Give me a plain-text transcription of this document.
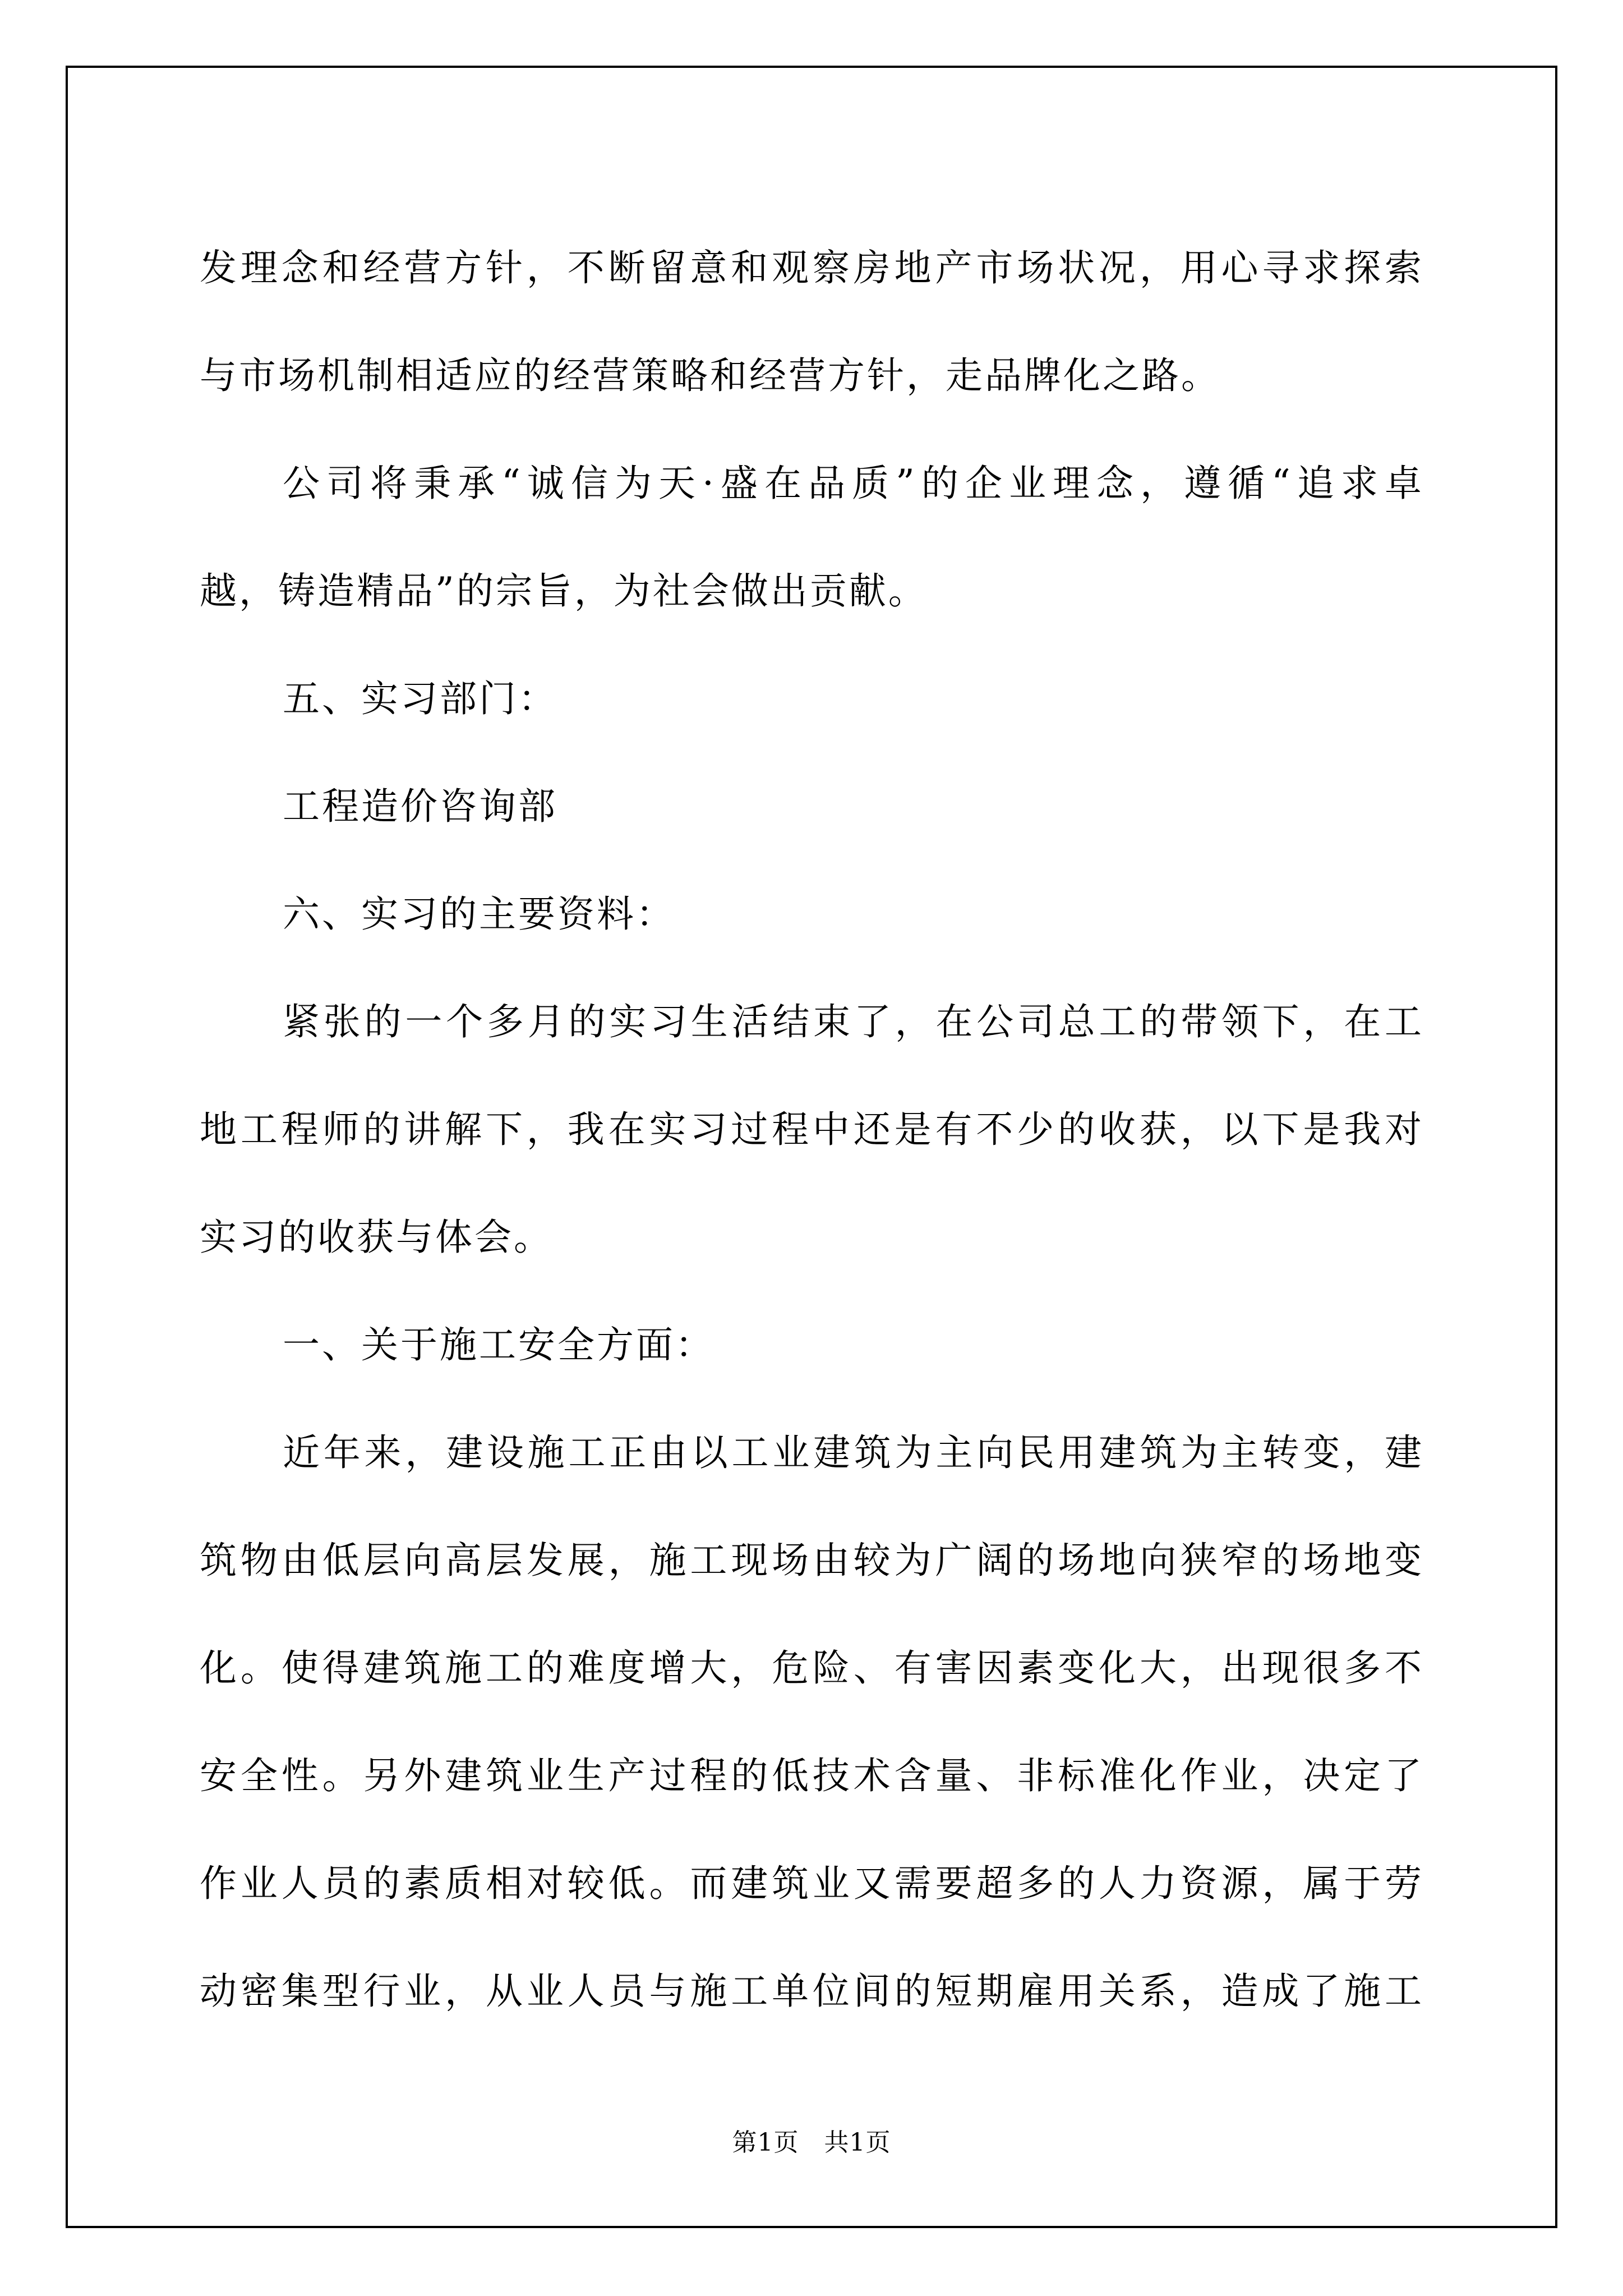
发理念和经营方针，不断留意和观察房地产市场状况，用心寻求探索
与市场机制相适应的经营策略和经营方针，走品牌化之路。
公司将秉承“诚信为天·盛在品质”的企业理念，遵循“追求卓
越，铸造精品”的宗旨，为社会做出贡献。
五、实习部门：
工程造价咨询部
六、实习的主要资料：
紧张的一个多月的实习生活结束了，在公司总工的带领下，在工
地工程师的讲解下，我在实习过程中还是有不少的收获，以下是我对
实习的收获与体会。
一、关于施工安全方面：
近年来，建设施工正由以工业建筑为主向民用建筑为主转变，建
筑物由低层向高层发展，施工现场由较为广阔的场地向狭窄的场地变
化。使得建筑施工的难度增大，危险、有害因素变化大，出现很多不
安全性。另外建筑业生产过程的低技术含量、非标准化作业，决定了
作业人员的素质相对较低。而建筑业又需要超多的人力资源，属于劳
动密集型行业，从业人员与施工单位间的短期雇用关系，造成了施工
第1页　共1页
